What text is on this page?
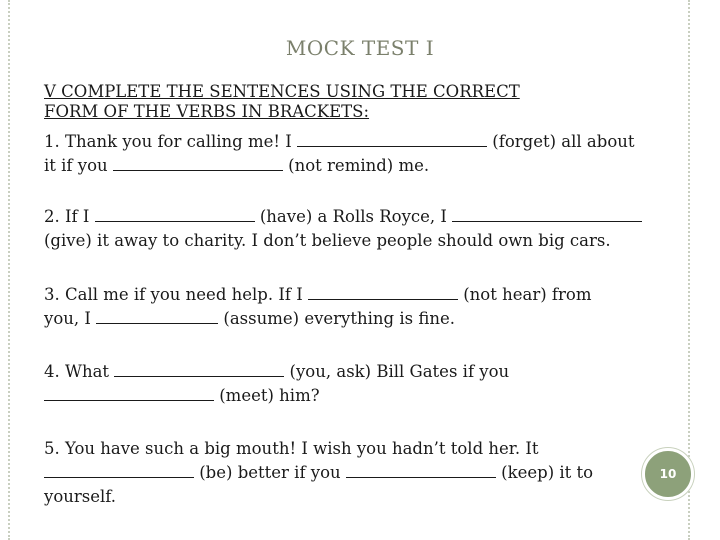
MOCK TEST I
V COMPLETE THE SENTENCES USING THE CORRECT
FORM OF THE VERBS IN BRACKETS:
1. Thank you for calling me! I	(forget) all about
it if you	(not remind) me.
2. If I	(have) a Rolls Royce, I
(give) it away to charity. I don’t believe people should own big cars.
3. Call me if you need help. If I	(not hear) from
you, I	(assume) everything is fine.
4. What	(you, ask) Bill Gates if you
(meet) him?
5. You have such a big mouth! I wish you hadn’t told her. It
(be) better if you	(keep) it to
yourself.
10
